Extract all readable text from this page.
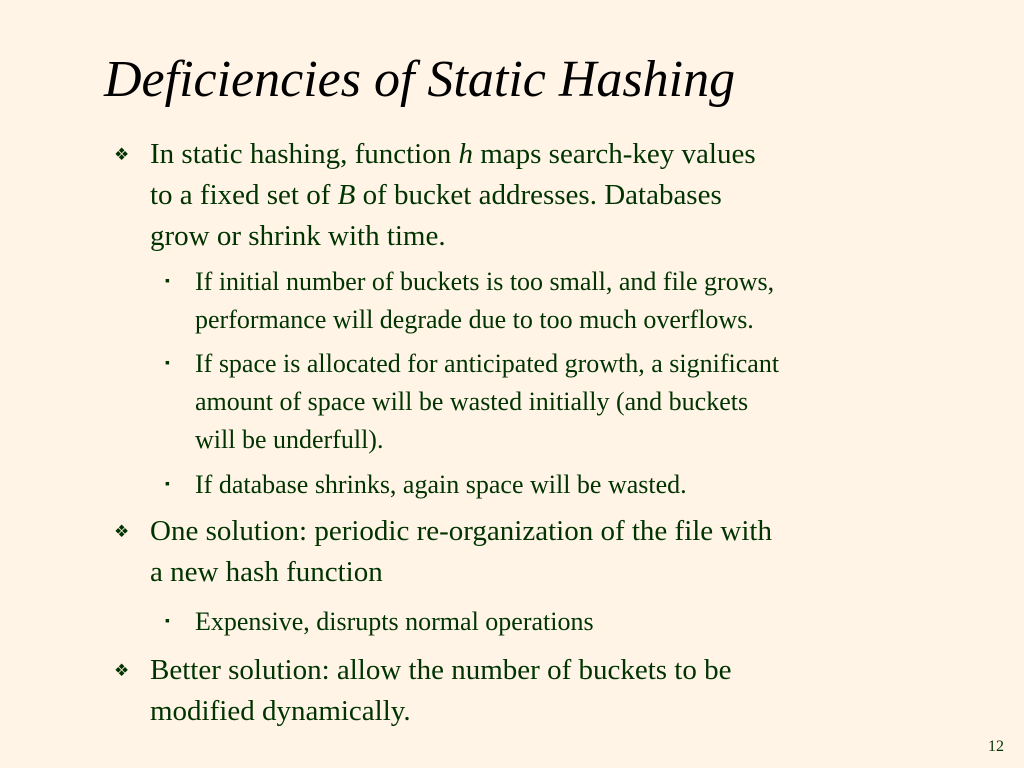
Deficiencies of Static Hashing
❖ In static hashing, function h maps search-key values
to a fixed set of B of bucket addresses. Databases
grow or shrink with time.
▪ If initial number of buckets is too small, and file grows,
performance will degrade due to too much overflows.
▪ If space is allocated for anticipated growth, a significant
amount of space will be wasted initially (and buckets
will be underfull).
▪ If database shrinks, again space will be wasted.
❖ One solution: periodic re-organization of the file with
a new hash function
▪ Expensive, disrupts normal operations
❖ Better solution: allow the number of buckets to be
modified dynamically.
12
